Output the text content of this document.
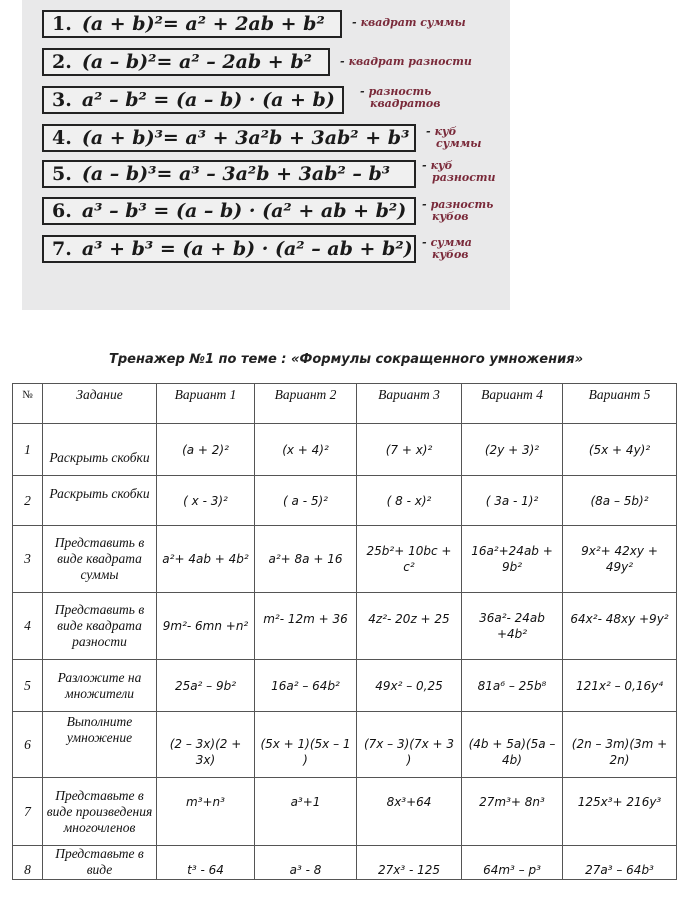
1. (a + b)²= a² + 2ab + b²	- квадрат суммы
2. (a – b)²= a² – 2ab + b²	- квадрат разности
3. a² – b² = (a – b) · (a + b)	- разность
квадратов
4. (a + b)³= a³ + 3a²b + 3ab² + b³	- куб
суммы
5. (a – b)³= a³ – 3a²b + 3ab² – b³	- куб
разности
6. a³ – b³ = (a – b) · (a² + ab + b²)	- разность
кубов
7. a³ + b³ = (a + b) · (a² – ab + b²) - сумма
кубов
Тренажер №1 по теме : «Формулы сокращенного умножения»
№	Задание	Вариант 1	Вариант 2	Вариант 3	Вариант 4	Вариант 5
1	Раскрыть скобки	(a + 2)²	(x + 4)²	(7 + x)²	(2y + 3)²	(5x + 4y)²
2	Раскрыть скобки	( x - 3)²	( a - 5)²	( 8 - x)²	( 3a - 1)²	(8a – 5b)²
3	Представить в виде квадрата суммы	a²+ 4ab + 4b²	a²+ 8a + 16	25b²+ 10bc + c²	16a²+24ab + 9b²	9x²+ 42xy + 49y²
4	Представить в виде квадрата разности	9m²- 6mn +n²	m²- 12m + 36	4z²- 20z + 25	36a²- 24ab +4b²	64x²- 48xy +9y²
5	Разложите на множители	25a² – 9b²	16a² – 64b²	49x² – 0,25	81a⁶ – 25b⁸	121x² – 0,16y⁴
6	Выполните умножение	(2 – 3x)(2 + 3x)	(5x + 1)(5x – 1 )	(7x – 3)(7x + 3 )	(4b + 5a)(5a – 4b)	(2n – 3m)(3m + 2n)
7	Представьте в виде произведения многочленов	m³+n³	a³+1	8x³+64	27m³+ 8n³	125x³+ 216y³
8	Представьте в виде	t³ - 64	a³ - 8	27x³ - 125	64m³ – p³	27a³ – 64b³
